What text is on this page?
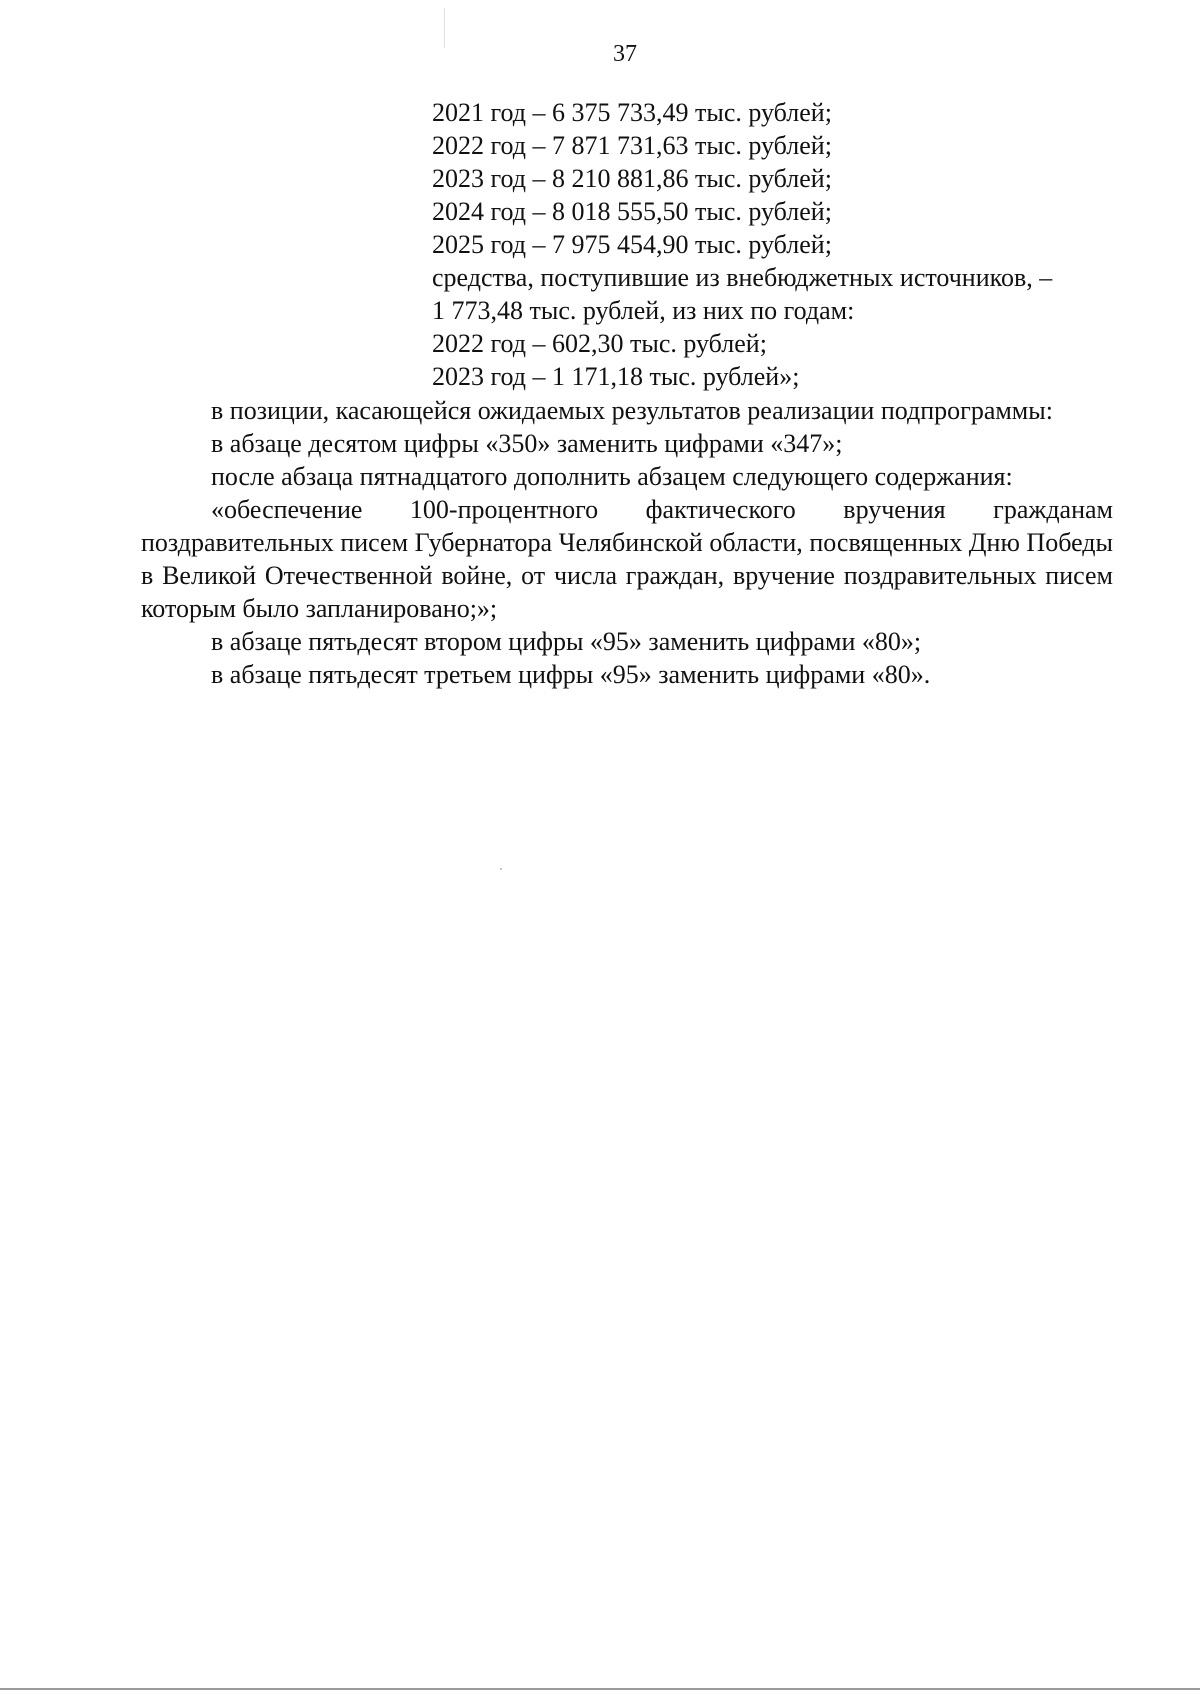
37
2021 год – 6 375 733,49 тыс. рублей;
2022 год – 7 871 731,63 тыс. рублей;
2023 год – 8 210 881,86 тыс. рублей;
2024 год – 8 018 555,50 тыс. рублей;
2025 год – 7 975 454,90 тыс. рублей;
средства, поступившие из внебюджетных источников, –
1 773,48 тыс. рублей, из них по годам:
2022 год – 602,30 тыс. рублей;
2023 год – 1 171,18 тыс. рублей»;

в позиции, касающейся ожидаемых результатов реализации подпрограммы:

в абзаце десятом цифры «350» заменить цифрами «347»;

после абзаца пятнадцатого дополнить абзацем следующего содержания:

«обеспечение 100-процентного фактического вручения гражданам поздравительных писем Губернатора Челябинской области, посвященных Дню Победы в Великой Отечественной войне, от числа граждан, вручение поздравительных писем которым было запланировано;»;

в абзаце пятьдесят втором цифры «95» заменить цифрами «80»;

в абзаце пятьдесят третьем цифры «95» заменить цифрами «80».
